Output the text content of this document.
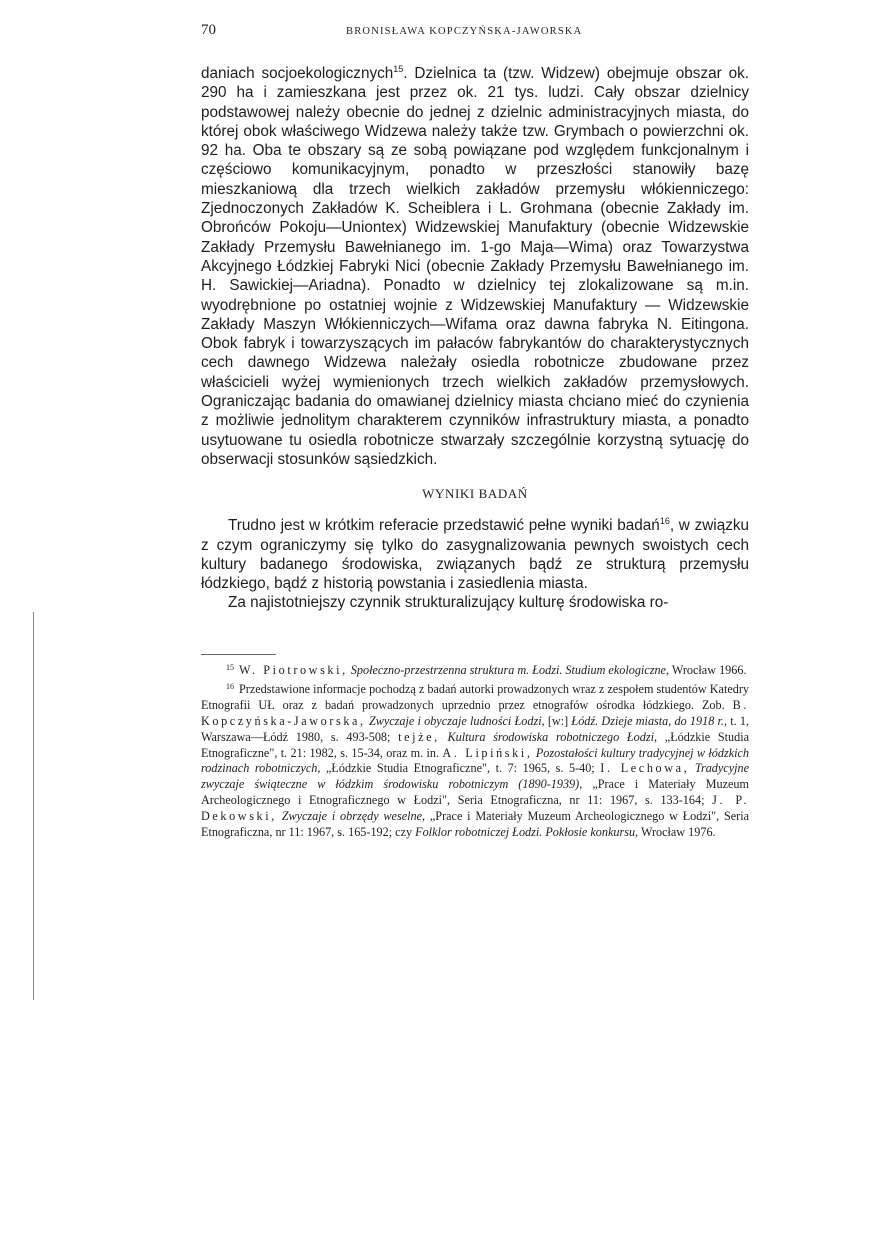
70	BRONISŁAWA KOPCZYŃSKA-JAWORSKA

daniach socjoekologicznych$^{15}$. Dzielnica ta (tzw. Widzew) obejmuje obszar ok. 290 ha i zamieszkana jest przez ok. 21 tys. ludzi. Cały obszar dzielnicy podstawowej należy obecnie do jednej z dzielnic administracyjnych miasta, do której obok właściwego Widzewa należy także tzw. Grymbach o powierzchni ok. 92 ha. Oba te obszary są ze sobą powiązane pod względem funkcjonalnym i częściowo komunikacyjnym, ponadto w przeszłości stanowiły bazę mieszkaniową dla trzech wielkich zakładów przemysłu włókienniczego: Zjednoczonych Zakładów K. Scheiblera i L. Grohmana (obecnie Zakłady im. Obrońców Pokoju—Uniontex) Widzewskiej Manufaktury (obecnie Widzewskie Zakłady Przemysłu Bawełnianego im. 1-go Maja—Wima) oraz Towarzystwa Akcyjnego Łódzkiej Fabryki Nici (obecnie Zakłady Przemysłu Bawełnianego im. H. Sawickiej—Ariadna). Ponadto w dzielnicy tej zlokalizowane są m.in. wyodrębnione po ostatniej wojnie z Widzewskiej Manufaktury — Widzewskie Zakłady Maszyn Włókienniczych—Wifama oraz dawna fabryka N. Eitingona. Obok fabryk i towarzyszących im pałaców fabrykantów do charakterystycznych cech dawnego Widzewa należały osiedla robotnicze zbudowane przez właścicieli wyżej wymienionych trzech wielkich zakładów przemysłowych. Ograniczając badania do omawianej dzielnicy miasta chciano mieć do czynienia z możliwie jednolitym charakterem czynników infrastruktury miasta, a ponadto usytuowane tu osiedla robotnicze stwarzały szczególnie korzystną sytuację do obserwacji stosunków sąsiedzkich.

WYNIKI BADAŃ

Trudno jest w krótkim referacie przedstawić pełne wyniki badań$^{16}$, w związku z czym ograniczymy się tylko do zasygnalizowania pewnych swoistych cech kultury badanego środowiska, związanych bądź ze strukturą przemysłu łódzkiego, bądź z historią powstania i zasiedlenia miasta.

Za najistotniejszy czynnik strukturalizujący kulturę środowiska ro-

$^{15}$ W. Piotrowski, Społeczno-przestrzenna struktura m. Łodzi. Studium ekologiczne, Wrocław 1966.

$^{16}$ Przedstawione informacje pochodzą z badań autorki prowadzonych wraz z zespołem studentów Katedry Etnografii UŁ oraz z badań prowadzonych uprzednio przez etnografów ośrodka łódzkiego. Zob. B. Kopczyńska-Jaworska, Zwyczaje i obyczaje ludności Łodzi, [w:] Łódź. Dzieje miasta, do 1918 r., t. 1, Warszawa—Łódź 1980, s. 493-508; tejże, Kultura środowiska robotniczego Łodzi, „Łódzkie Studia Etnograficzne", t. 21: 1982, s. 15-34, oraz m. in. A. Lipiński, Pozostałości kultury tradycyjnej w łódzkich rodzinach robotniczych, „Łódzkie Studia Etnograficzne", t. 7: 1965, s. 5-40; I. Lechowa, Tradycyjne zwyczaje świąteczne w łódzkim środowisku robotniczym (1890-1939), „Prace i Materiały Muzeum Archeologicznego i Etnograficznego w Łodzi", Seria Etnograficzna, nr 11: 1967, s. 133-164; J. P. Dekowski, Zwyczaje i obrzędy weselne, „Prace i Materiały Muzeum Archeologicznego w Łodzi", Seria Etnograficzna, nr 11: 1967, s. 165-192; czy Folklor robotniczej Łodzi. Pokłosie konkursu, Wrocław 1976.
